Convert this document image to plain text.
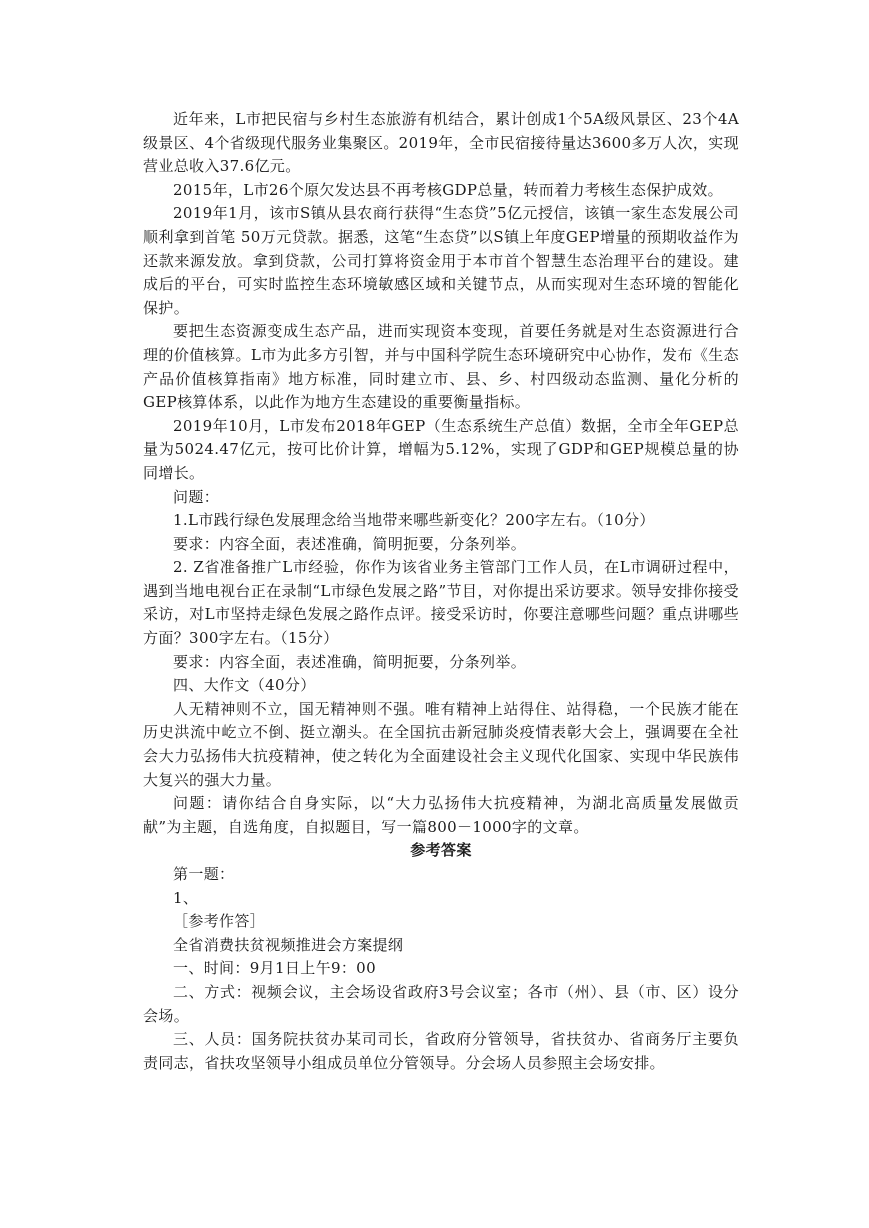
近年来，L市把民宿与乡村生态旅游有机结合，累计创成1个5A级风景区、23个4A级景区、4个省级现代服务业集聚区。2019年，全市民宿接待量达3600多万人次，实现营业总收入37.6亿元。

2015年，L市26个原欠发达县不再考核GDP总量，转而着力考核生态保护成效。

2019年1月，该市S镇从县农商行获得“生态贷”5亿元授信，该镇一家生态发展公司顺利拿到首笔 50万元贷款。据悉，这笔“生态贷”以S镇上年度GEP增量的预期收益作为还款来源发放。拿到贷款，公司打算将资金用于本市首个智慧生态治理平台的建设。建成后的平台，可实时监控生态环境敏感区域和关键节点，从而实现对生态环境的智能化保护。

要把生态资源变成生态产品，进而实现资本变现，首要任务就是对生态资源进行合理的价值核算。L市为此多方引智，并与中国科学院生态环境研究中心协作，发布《生态产品价值核算指南》地方标准，同时建立市、县、乡、村四级动态监测、量化分析的GEP核算体系，以此作为地方生态建设的重要衡量指标。

2019年10月，L市发布2018年GEP（生态系统生产总值）数据，全市全年GEP总量为5024.47亿元，按可比价计算，增幅为5.12%，实现了GDP和GEP规模总量的协同增长。

问题：

1.L市践行绿色发展理念给当地带来哪些新变化？200字左右。（10分）

要求：内容全面，表述准确，简明扼要，分条列举。

2. Z省准备推广L市经验，你作为该省业务主管部门工作人员，在L市调研过程中，遇到当地电视台正在录制“L市绿色发展之路”节目，对你提出采访要求。领导安排你接受采访，对L市坚持走绿色发展之路作点评。接受采访时，你要注意哪些问题？重点讲哪些方面？300字左右。（15分）

要求：内容全面，表述准确，简明扼要，分条列举。

四、大作文（40分）

人无精神则不立，国无精神则不强。唯有精神上站得住、站得稳，一个民族才能在历史洪流中屹立不倒、挺立潮头。在全国抗击新冠肺炎疫情表彰大会上，强调要在全社会大力弘扬伟大抗疫精神，使之转化为全面建设社会主义现代化国家、实现中华民族伟大复兴的强大力量。

问题：请你结合自身实际，以“大力弘扬伟大抗疫精神，为湖北高质量发展做贡献”为主题，自选角度，自拟题目，写一篇800－1000字的文章。

参考答案

第一题：

1、

［参考作答］

全省消费扶贫视频推进会方案提纲

一、时间：9月1日上午9：00

二、方式：视频会议，主会场设省政府3号会议室；各市（州）、县（市、区）设分会场。

三、人员：国务院扶贫办某司司长，省政府分管领导，省扶贫办、省商务厅主要负责同志，省扶攻坚领导小组成员单位分管领导。分会场人员参照主会场安排。
